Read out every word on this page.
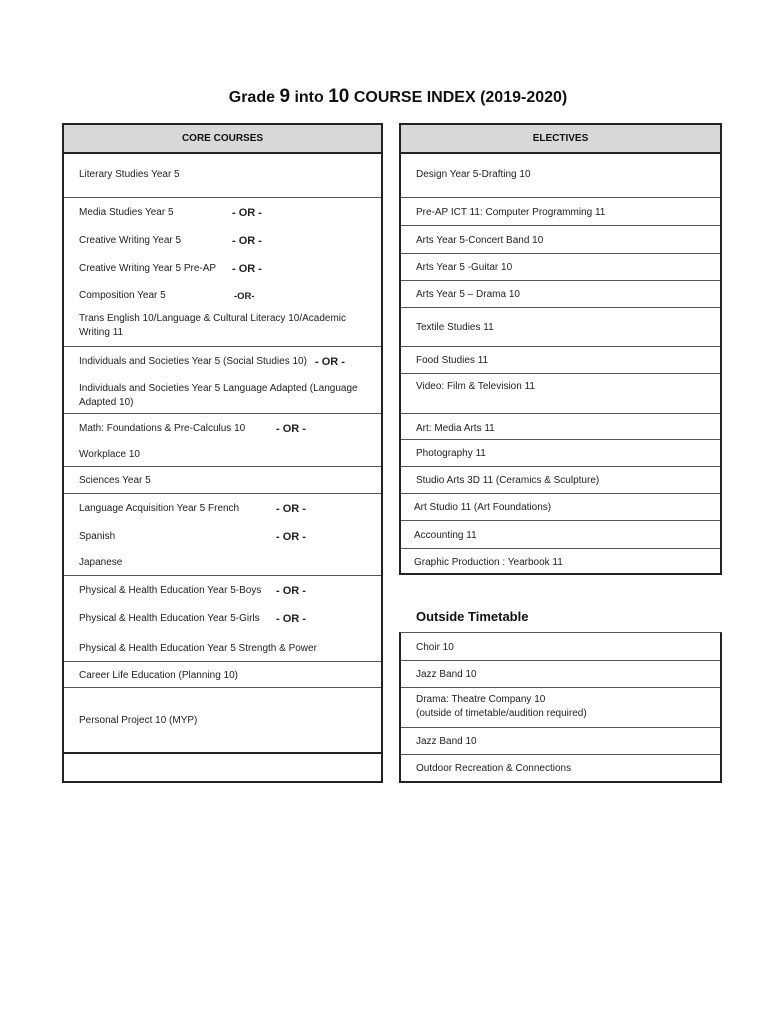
Grade 9 into 10 COURSE INDEX (2019-2020)
CORE COURSES
Literary Studies Year 5
Media Studies Year 5	- OR -
Creative Writing Year 5	- OR -
Creative Writing Year 5 Pre-AP - OR -
Composition Year 5	-OR-
Trans English 10/Language & Cultural Literacy 10/Academic Writing 11
Individuals and Societies Year 5 (Social Studies 10) - OR -
Individuals and Societies Year 5 Language Adapted (Language Adapted 10)
Math: Foundations & Pre-Calculus 10	- OR -
Workplace 10
Sciences Year 5
Language Acquisition Year 5 French	- OR -
Spanish	- OR -
Japanese
Physical & Health Education Year 5-Boys - OR -
Physical & Health Education Year 5-Girls - OR -
Physical & Health Education Year 5 Strength & Power
Career Life Education (Planning 10)
Personal Project 10 (MYP)
ELECTIVES
Design Year 5-Drafting 10
Pre-AP ICT 11: Computer Programming 11
Arts Year 5-Concert Band 10
Arts Year 5 -Guitar 10
Arts Year 5 – Drama 10
Textile Studies 11
Food Studies 11
Video: Film & Television 11
Art: Media Arts 11
Photography 11
Studio Arts 3D 11 (Ceramics & Sculpture)
Art Studio 11 (Art Foundations)
Accounting 11
Graphic Production : Yearbook 11
Outside Timetable
Choir 10
Jazz Band 10
Drama: Theatre Company 10
(outside of timetable/audition required)
Jazz Band 10
Outdoor Recreation & Connections
